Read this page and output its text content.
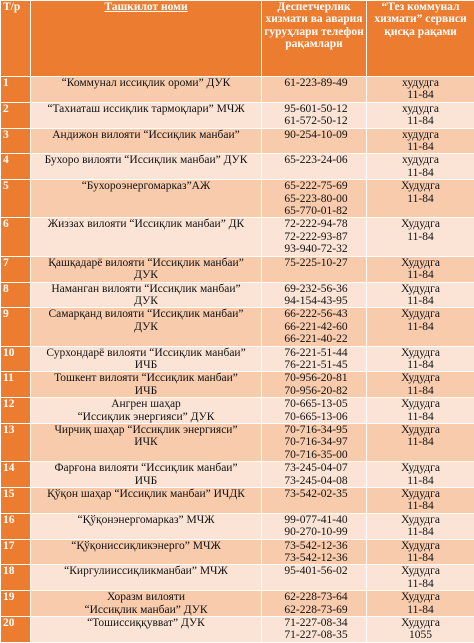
Т/р	Ташкилот номи	Деспетчерлик хизмати ва авария гуруҳлари телефон рақамлари	“Тез коммунал хизмати” сервиси қисқа рақами
1	“Коммунал иссиқлик ороми” ДУК	61-223-89-49	худудга
11-84

2	“Тахиаташ иссиқлик тармоқлари” МЧЖ	95-601-50-12
61-572-50-12	худудга
11-84

3	Андижон вилояти “Иссиқлик манбаи”	90-254-10-09	худудга
11-84

4	Бухоро вилояти “Иссиқлик манбаи” ДУК	65-223-24-06	худудга
11-84

5	“Бухороэнергомарказ”АЖ	65-222-75-69
65-223-80-00
65-770-01-82	Худудга
11-84

6	Жиззах вилояти “Иссиқлик манбаи” ДК	72-222-94-78
72-222-93-87
93-940-72-32	Худудга
11-84

7	Қашқадарё вилояти “Иссиқлик манбаи”
ДУК	75-225-10-27	Худудга
11-84

8	Наманган вилояти “Иссиқлик манбаи”
ДУК	69-232-56-36
94-154-43-95	Худудга
11-84

9	Самарқанд вилояти “Иссиқлик манбаи”
ДУК	66-222-56-43
66-221-42-60
66-221-40-22	Худудга
11-84

10	Сурхондарё вилояти “Иссиқлик манбаи”
ИЧБ	76-221-51-44
76-221-51-45	Худудга
11-84

11	Тошкент вилояти “Иссиқлик манбаи”
ИЧБ	70-956-20-81
70-956-20-82	Худудга
11-84

12	Ангрен шаҳар
“Иссиқлик энергияси” ДУК	70-665-13-05
70-665-13-06	Худудга
11-84

13	Чирчиқ шаҳар “Иссиқлик энергияси”
ИЧК	70-716-34-95
70-716-34-97
70-716-35-00	Худудга
11-84

14	Фарғона вилояти “Иссиқлик манбаи”
ИЧБ	73-245-04-07
73-245-04-08	Худудга
11-84

15	Қўқон шаҳар “Иссиқлик манбаи” ИЧДК	73-542-02-35	Худудга
11-84

16	“Қўқонэнергомарказ” МЧЖ	99-077-41-40
90-270-10-99	Худудга
11-84

17	“Қўқониссиқликэнерго” МЧЖ	73-542-12-36
73-542-12-36	Худудга
11-84

18	“Киргулииссиқликманбаи” МЧЖ	95-401-56-02	Худудга
11-84

19	Хоразм вилояти
“Иссиқлик манбаи” ДУК	62-228-73-64
62-228-73-69	Худудга
11-84

20	“Тошиссиққувват” ДУК	71-227-08-34
71-227-08-35	Худудга
1055
